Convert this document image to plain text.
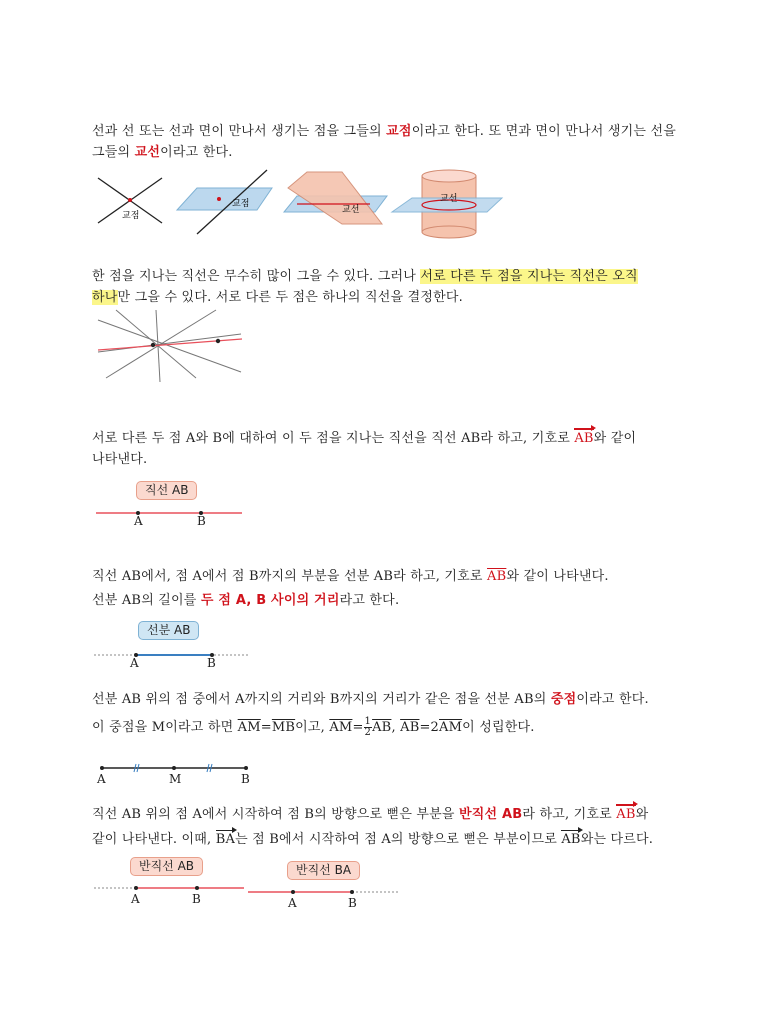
선과 선 또는 선과 면이 만나서 생기는 점을 그들의 교점이라고 한다. 또 면과 면이 만나서 생기는 선을
그들의 교선이라고 한다.
교점
교점
교선
교선
한 점을 지나는 직선은 무수히 많이 그을 수 있다. 그러나 서로 다른 두 점을 지나는 직선은 오직
하나만 그을 수 있다. 서로 다른 두 점은 하나의 직선을 결정한다.
서로 다른 두 점 A와 B에 대하여 이 두 점을 지나는 직선을 직선 AB라 하고, 기호로 AB와 같이
나타낸다.
직선 AB
A	B
직선 AB에서, 점 A에서 점 B까지의 부분을 선분 AB라 하고, 기호로 $\overline{AB}$와 같이 나타낸다.
선분 AB의 길이를 두 점 A, B 사이의 거리라고 한다.
선분 AB
A	B
선분 AB 위의 점 중에서 A까지의 거리와 B까지의 거리가 같은 점을 선분 AB의 중점이라고 한다.
이 중점을 M이라고 하면 $\overline{AM}=\overline{MB}$이고, $\overline{AM}= \frac{1}{2} \overline{AB}$, $\overline{AB}=2\overline{AM}$이 성립한다.
A	M	B
직선 AB 위의 점 A에서 시작하여 점 B의 방향으로 뻗은 부분을 반직선 AB라 하고, 기호로 AB와
같이 나타낸다. 이때, BA는 점 B에서 시작하여 점 A의 방향으로 뻗은 부분이므로 AB와는 다르다.
반직선 AB	반직선 BA
A	B	A	B
